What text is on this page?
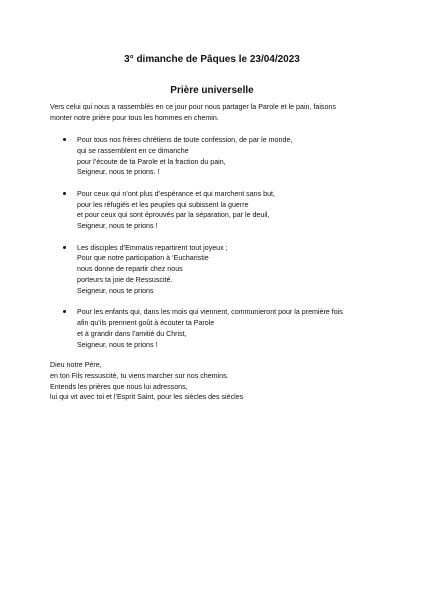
3° dimanche de Pâques le 23/04/2023
Prière universelle
Vers celui qui nous a rassemblés en ce jour pour nous partager la Parole et le pain, faisons
monter notre prière pour tous les hommes en chemin.
Pour tous nos frères chrétiens de toute confession, de par le monde,
qui se rassemblent en ce dimanche
pour l’écoute de ta Parole et la fraction du pain,
Seigneur, nous te prions. !
Pour ceux qui n’ont plus d’espérance et qui marchent sans but,
pour les réfugiés et les peuples qui subissent la guerre
et pour ceux qui sont éprouvés par la séparation, par le deuil,
Seigneur, nous te prions !
Les disciples d’Emmaüs repartirent tout joyeux ;
Pour que notre participation à ‘Eucharistie
nous donne de repartir chez nous
porteurs ta joie de Ressuscité.
Seigneur, nous te prions
Pour les enfants qui, dans les mois qui viennent, communieront pour la première fois
afin qu’ils prennent goût à écouter ta Parole
et à grandir dans l’amitié du Christ,
Seigneur, nous te prions !
Dieu notre Père,
en ton Fils ressuscité, tu viens marcher sur nos chemins.
Entends les prières que nous lui adressons,
lui qui vit avec toi et l’Esprit Saint, pour les siècles des siècles
